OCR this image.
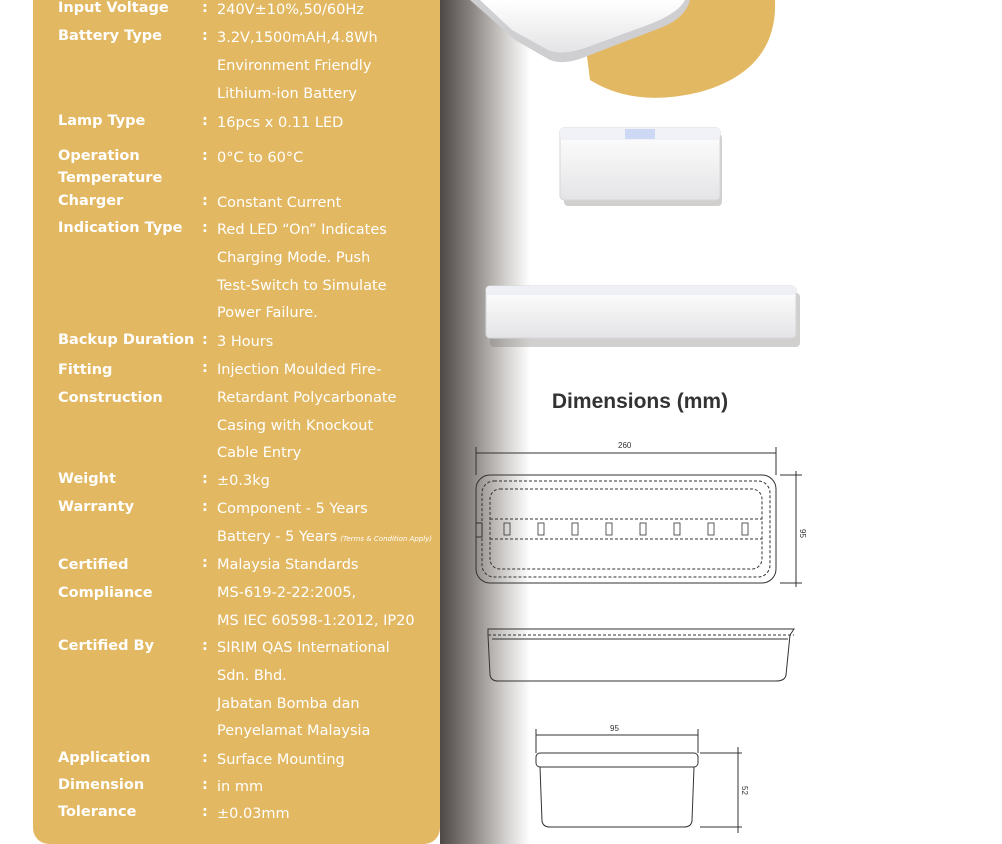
Input Voltage	: 240V±10%,50/60Hz
Battery Type	: 3.2V,1500mAH,4.8Wh
Environment Friendly
Lithium-ion Battery
Lamp Type	: 16pcs x 0.11 LED
Operation Temperature
: 0°C to 60°C
Charger	: Constant Current
Indication Type	: Red LED “On” Indicates
Charging Mode. Push
Test-Switch to Simulate
Power Failure.
Backup Duration : 3 Hours
Fitting Construction
: Injection Moulded Fire-
Retardant Polycarbonate
Casing with Knockout
Cable Entry
Weight	: ±0.3kg
Warranty	: Component - 5 Years
Battery - 5 Years (Terms & Condition Apply)
Certified Compliance
: Malaysia Standards
MS-619-2-22:2005,
MS IEC 60598-1:2012, IP20
Certified By	: SIRIM QAS International
Sdn. Bhd.
Jabatan Bomba dan
Penyelamat Malaysia
Application	: Surface Mounting
Dimension	: in mm
Tolerance	: ±0.03mm
Dimensions (mm)
260
95
95
52
